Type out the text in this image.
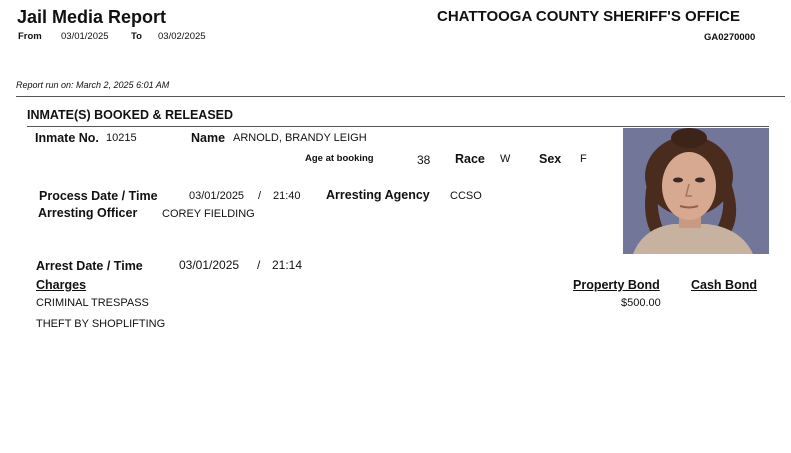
Jail Media Report	CHATTOOGA COUNTY SHERIFF'S OFFICE
GA0270000
From 03/01/2025 To 03/02/2025
Report run on: March 2, 2025 6:01 AM
INMATE(S) BOOKED & RELEASED
Inmate No. 10215	Name ARNOLD, BRANDY LEIGH
Age at booking	38 Race W Sex F
Process Date / Time	03/01/2025 / 21:40 Arresting Agency CCSO
Arresting Officer COREY FIELDING
Arrest Date / Time	03/01/2025 / 21:14
Charges	Property Bond Cash Bond
CRIMINAL TRESPASS	$500.00
THEFT BY SHOPLIFTING
